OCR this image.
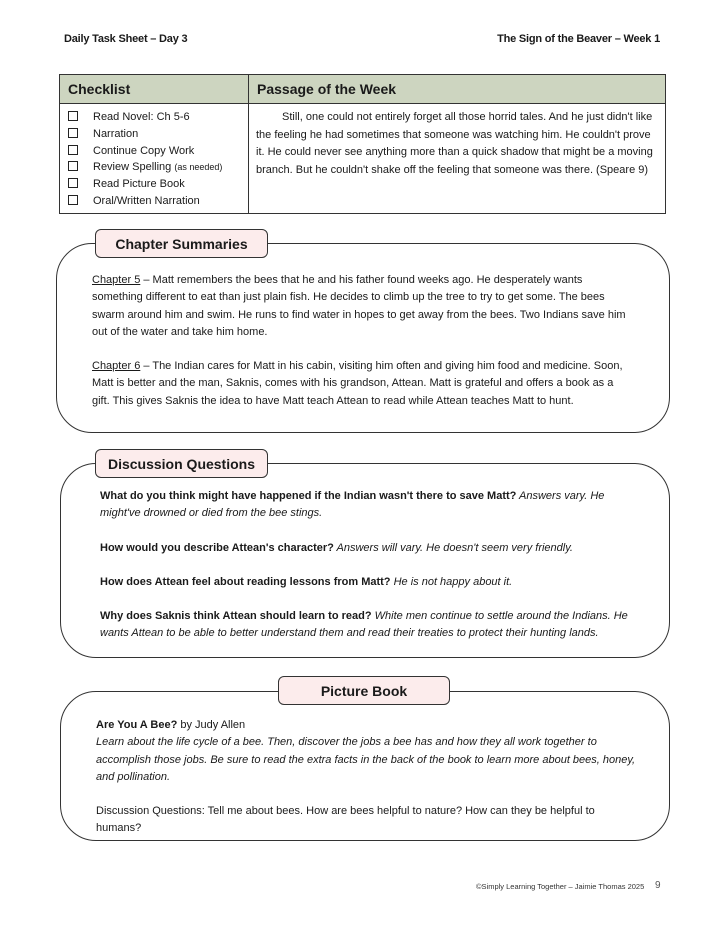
Daily Task Sheet – Day 3	The Sign of the Beaver – Week 1
Checklist	Passage of the Week
Read Novel: Ch 5-6
Narration
Continue Copy Work
Review Spelling (as needed)
Read Picture Book
Oral/Written Narration

Still, one could not entirely forget all those horrid tales. And he just didn't like the feeling he had sometimes that someone was watching him. He couldn't prove it. He could never see anything more than a quick shadow that might be a moving branch. But he couldn't shake off the feeling that someone was there. (Speare 9)

Chapter Summaries

Chapter 5 – Matt remembers the bees that he and his father found weeks ago. He desperately wants something different to eat than just plain fish. He decides to climb up the tree to try to get some. The bees swarm around him and swim. He runs to find water in hopes to get away from the bees. Two Indians save him out of the water and take him home.

Chapter 6 – The Indian cares for Matt in his cabin, visiting him often and giving him food and medicine. Soon, Matt is better and the man, Saknis, comes with his grandson, Attean. Matt is grateful and offers a book as a gift. This gives Saknis the idea to have Matt teach Attean to read while Attean teaches Matt to hunt.

Discussion Questions

What do you think might have happened if the Indian wasn't there to save Matt? Answers vary. He might've drowned or died from the bee stings.

How would you describe Attean's character? Answers will vary. He doesn't seem very friendly.

How does Attean feel about reading lessons from Matt? He is not happy about it.

Why does Saknis think Attean should learn to read? White men continue to settle around the Indians. He wants Attean to be able to better understand them and read their treaties to protect their hunting lands.

Picture Book

Are You A Bee? by Judy Allen

Learn about the life cycle of a bee. Then, discover the jobs a bee has and how they all work together to accomplish those jobs. Be sure to read the extra facts in the back of the book to learn more about bees, honey, and pollination.

Discussion Questions: Tell me about bees. How are bees helpful to nature? How can they be helpful to humans?

©Simply Learning Together – Jaimie Thomas 2025 9
